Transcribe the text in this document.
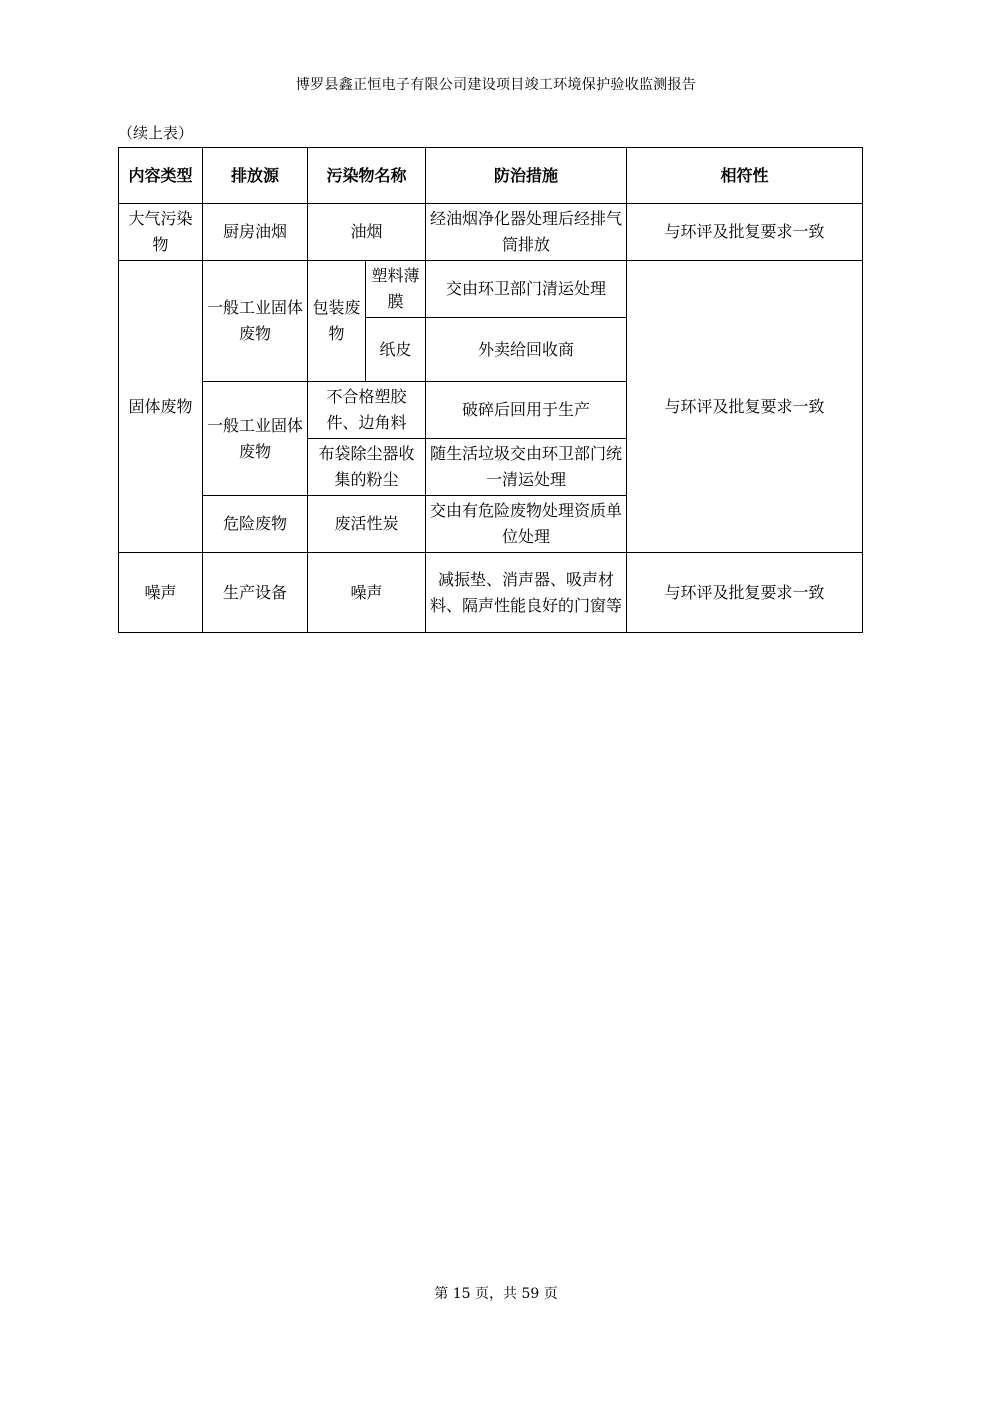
博罗县鑫正恒电子有限公司建设项目竣工环境保护验收监测报告
（续上表）
内容类型	排放源	污染物名称		防治措施	相符性
大气污染物	厨房油烟	油烟		经油烟净化器处理后经排气筒排放	与环评及批复要求一致
固体废物	一般工业固体废物	包装废物	塑料薄膜	交由环卫部门清运处理	与环评及批复要求一致
			纸皮	外卖给回收商	
	一般工业固体废物	不合格塑胶件、边角料		破碎后回用于生产	
		布袋除尘器收集的粉尘		随生活垃圾交由环卫部门统一清运处理	
	危险废物	废活性炭		交由有危险废物处理资质单位处理	
噪声	生产设备	噪声		减振垫、消声器、吸声材料、隔声性能良好的门窗等	与环评及批复要求一致
第 15 页，共 59 页
